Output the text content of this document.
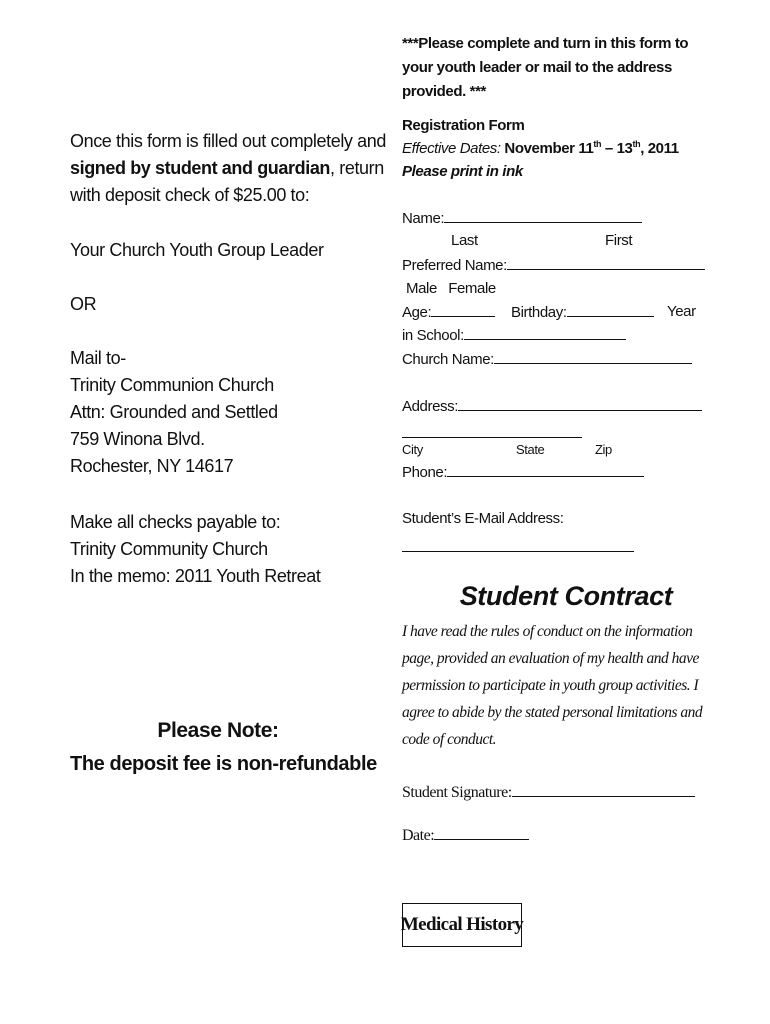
Once this form is filled out completely and
signed by student and guardian, return
with deposit check of $25.00 to:
Your Church Youth Group Leader
OR
Mail to-
Trinity Communion Church
Attn: Grounded and Settled
759 Winona Blvd.
Rochester, NY 14617
Make all checks payable to:
Trinity Community Church
In the memo: 2011 Youth Retreat
Please Note:
The deposit fee is non-refundable
***Please complete and turn in this form to
your youth leader or mail to the address
provided. ***
Registration Form
Effective Dates: November 11th – 13th, 2011
Please print in ink
Name:
Last	First
Preferred Name:
Male   Female
Age:	Birthday:	Year
in School:
Church Name:
Address:
City	State	Zip
Phone:
Student’s E-Mail Address:
Student Contract
I have read the rules of conduct on the information
page, provided an evaluation of my health and have
permission to participate in youth group activities. I
agree to abide by the stated personal limitations and
code of conduct.
Student Signature:
Date:
Medical History
